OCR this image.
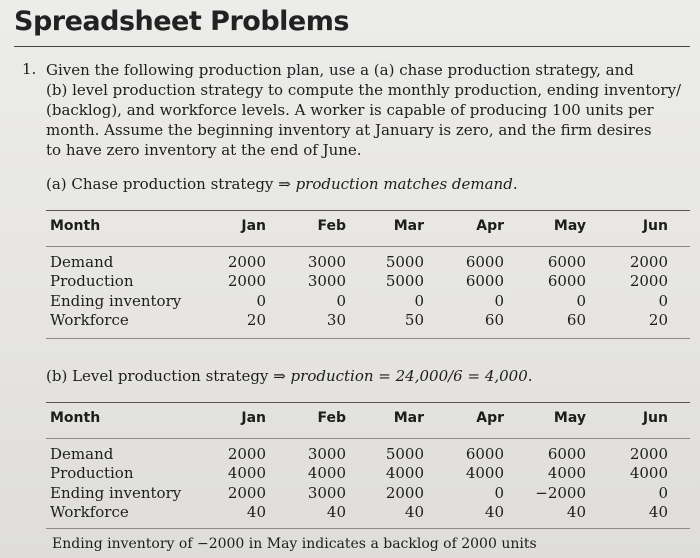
Spreadsheet Problems
1. Given the following production plan, use a (a) chase production strategy, and
(b) level production strategy to compute the monthly production, ending inventory/
(backlog), and workforce levels. A worker is capable of producing 100 units per
month. Assume the beginning inventory at January is zero, and the firm desires
to have zero inventory at the end of June.
(a) Chase production strategy ⇒ production matches demand.
Month	Jan	Feb	Mar	Apr	May	Jun
Demand	2000	3000	5000	6000	6000	2000
Production	2000	3000	5000	6000	6000	2000
Ending inventory	0	0	0	0	0	0
Workforce	20	30	50	60	60	20
(b) Level production strategy ⇒ production = 24,000/6 = 4,000.
Month	Jan	Feb	Mar	Apr	May	Jun
Demand	2000	3000	5000	6000	6000	2000
Production	4000	4000	4000	4000	4000	4000
Ending inventory	2000	3000	2000	0	−2000	0
Workforce	40	40	40	40	40	40
Ending inventory of −2000 in May indicates a backlog of 2000 units
